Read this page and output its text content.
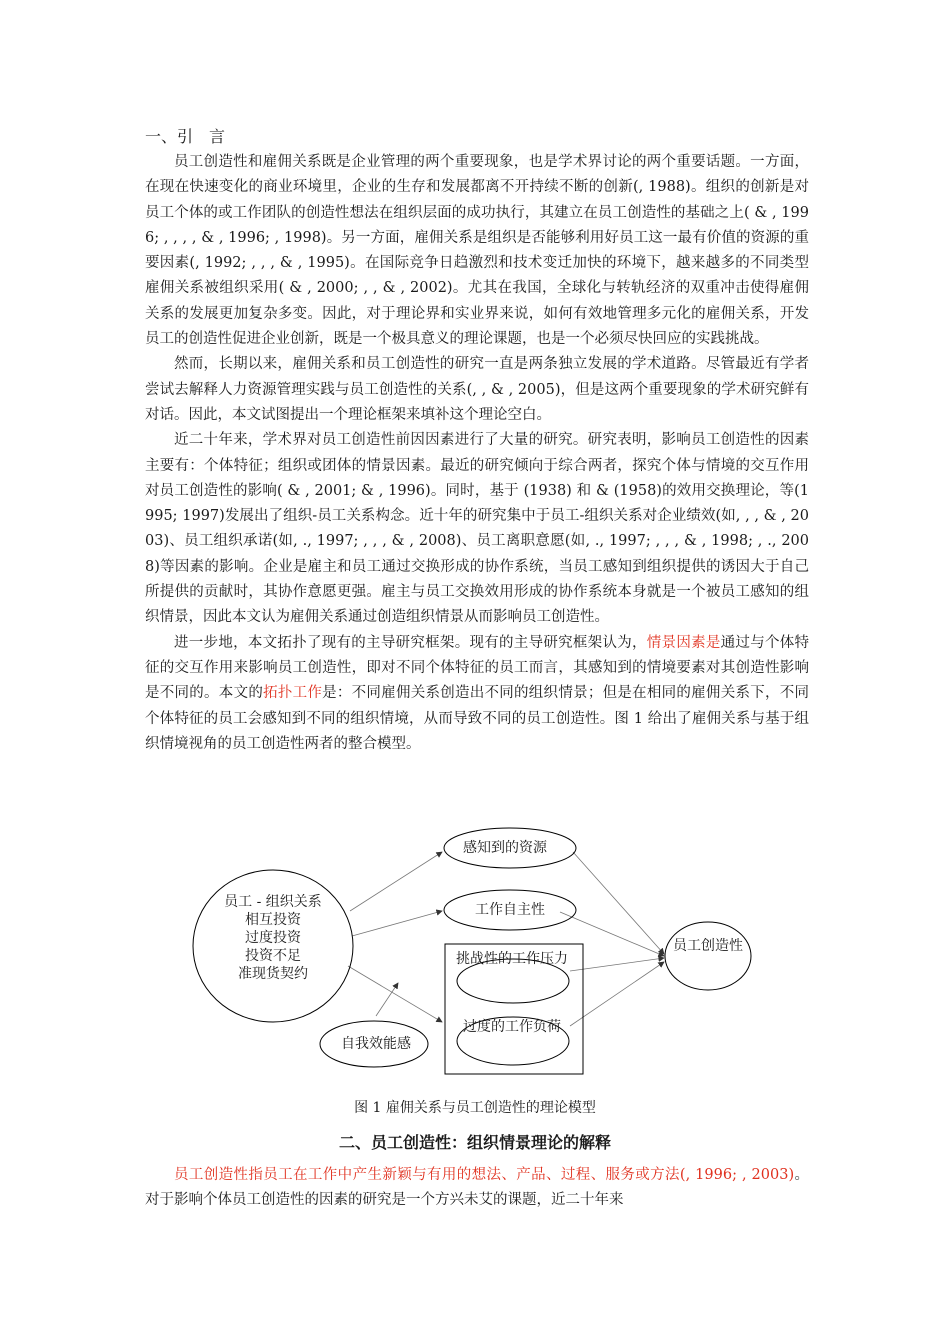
一、引　言

员工创造性和雇佣关系既是企业管理的两个重要现象，也是学术界讨论的两个重要话题。一方面，在现在快速变化的商业环境里，企业的生存和发展都离不开持续不断的创新(, 1988)。组织的创新是对员工个体的或工作团队的创造性想法在组织层面的成功执行，其建立在员工创造性的基础之上( & , 1996; , , , , & , 1996; , 1998)。另一方面，雇佣关系是组织是否能够利用好员工这一最有价值的资源的重要因素(, 1992; , , , & , 1995)。在国际竞争日趋激烈和技术变迁加快的环境下，越来越多的不同类型雇佣关系被组织采用( & , 2000; , , & , 2002)。尤其在我国，全球化与转轨经济的双重冲击使得雇佣关系的发展更加复杂多变。因此，对于理论界和实业界来说，如何有效地管理多元化的雇佣关系，开发员工的创造性促进企业创新，既是一个极具意义的理论课题，也是一个必须尽快回应的实践挑战。

然而，长期以来，雇佣关系和员工创造性的研究一直是两条独立发展的学术道路。尽管最近有学者尝试去解释人力资源管理实践与员工创造性的关系(, , & , 2005)，但是这两个重要现象的学术研究鲜有对话。因此，本文试图提出一个理论框架来填补这个理论空白。

近二十年来，学术界对员工创造性前因因素进行了大量的研究。研究表明，影响员工创造性的因素主要有：个体特征；组织或团体的情景因素。最近的研究倾向于综合两者，探究个体与情境的交互作用对员工创造性的影响( & , 2001; & , 1996)。同时，基于 (1938) 和 & (1958)的效用交换理论，等(1995; 1997)发展出了组织-员工关系构念。近十年的研究集中于员工-组织关系对企业绩效(如, , , & , 2003)、员工组织承诺(如, ., 1997; , , , & , 2008)、员工离职意愿(如, ., 1997; , , , & , 1998; , ., 2008)等因素的影响。企业是雇主和员工通过交换形成的协作系统，当员工感知到组织提供的诱因大于自己所提供的贡献时，其协作意愿更强。雇主与员工交换效用形成的协作系统本身就是一个被员工感知的组织情景，因此本文认为雇佣关系通过创造组织情景从而影响员工创造性。

进一步地，本文拓扑了现有的主导研究框架。现有的主导研究框架认为，情景因素是通过与个体特征的交互作用来影响员工创造性，即对不同个体特征的员工而言，其感知到的情境要素对其创造性影响是不同的。本文的拓扑工作是：不同雇佣关系创造出不同的组织情景；但是在相同的雇佣关系下，不同个体特征的员工会感知到不同的组织情境，从而导致不同的员工创造性。图 1 给出了雇佣关系与基于组织情境视角的员工创造性两者的整合模型。

员工 - 组织关系
相互投资
过度投资
投资不足
准现货契约
感知到的资源
工作自主性
挑战性的工作压力
过度的工作负荷
自我效能感
员工创造性
图 1 雇佣关系与员工创造性的理论模型
二、员工创造性：组织情景理论的解释

员工创造性指员工在工作中产生新颖与有用的想法、产品、过程、服务或方法(, 1996; , 2003)。对于影响个体员工创造性的因素的研究是一个方兴未艾的课题，近二十年来
